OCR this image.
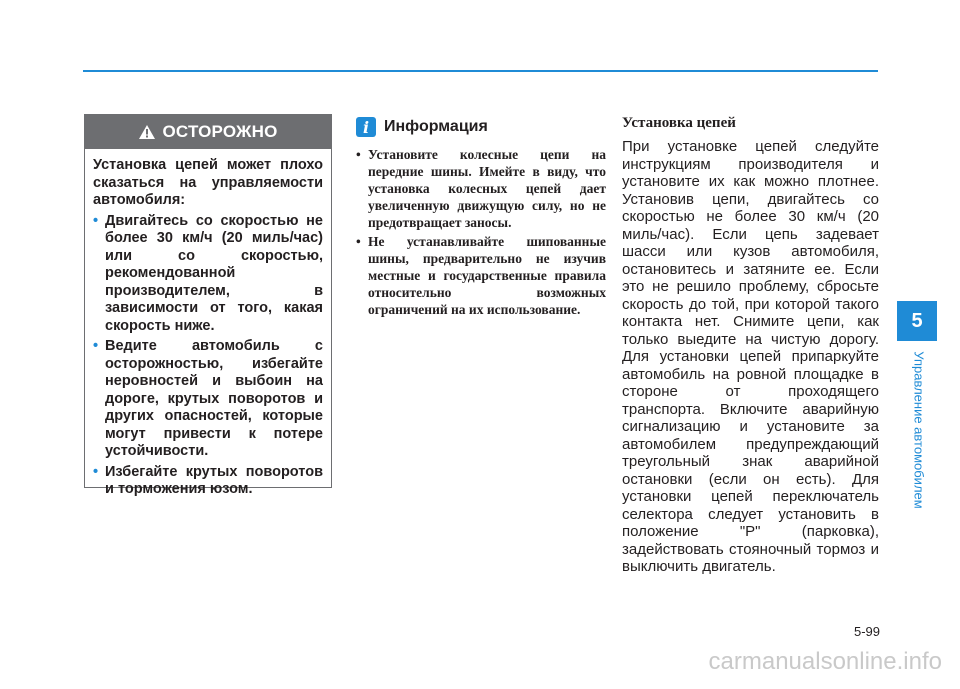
ОСТОРОЖНО

Установка цепей может плохо сказаться на управляемости автомобиля:

• Двигайтесь со скоростью не более 30 км/ч (20 миль/час) или со скоростью, рекомендованной производителем, в зависимости от того, какая скорость ниже.
• Ведите автомобиль с осторожностью, избегайте неровностей и выбоин на дороге, крутых поворотов и других опасностей, которые могут привести к потере устойчивости.
• Избегайте крутых поворотов и торможения юзом.
i Информация
• Установите колесные цепи на передние шины. Имейте в виду, что установка колесных цепей дает увеличенную движущую силу, но не предотвращает заносы.
• Не устанавливайте шипованные шины, предварительно не изучив местные и государственные правила относительно возможных ограничений на их использование.
Установка цепей

При установке цепей следуйте инструкциям производителя и установите их как можно плотнее. Установив цепи, двигайтесь со скоростью не более 30 км/ч (20 миль/час). Если цепь задевает шасси или кузов автомобиля, остановитесь и затяните ее. Если это не решило проблему, сбросьте скорость до той, при которой такого контакта нет. Снимите цепи, как только выедите на чистую дорогу. Для установки цепей припаркуйте автомобиль на ровной площадке в стороне от проходящего транспорта. Включите аварийную сигнализацию и установите за автомобилем предупреждающий треугольный знак аварийной остановки (если он есть). Для установки цепей переключатель селектора следует установить в положение "P" (парковка), задействовать стояночный тормоз и выключить двигатель.

5
Управление автомобилем
5-99
carmanualsonline.info
